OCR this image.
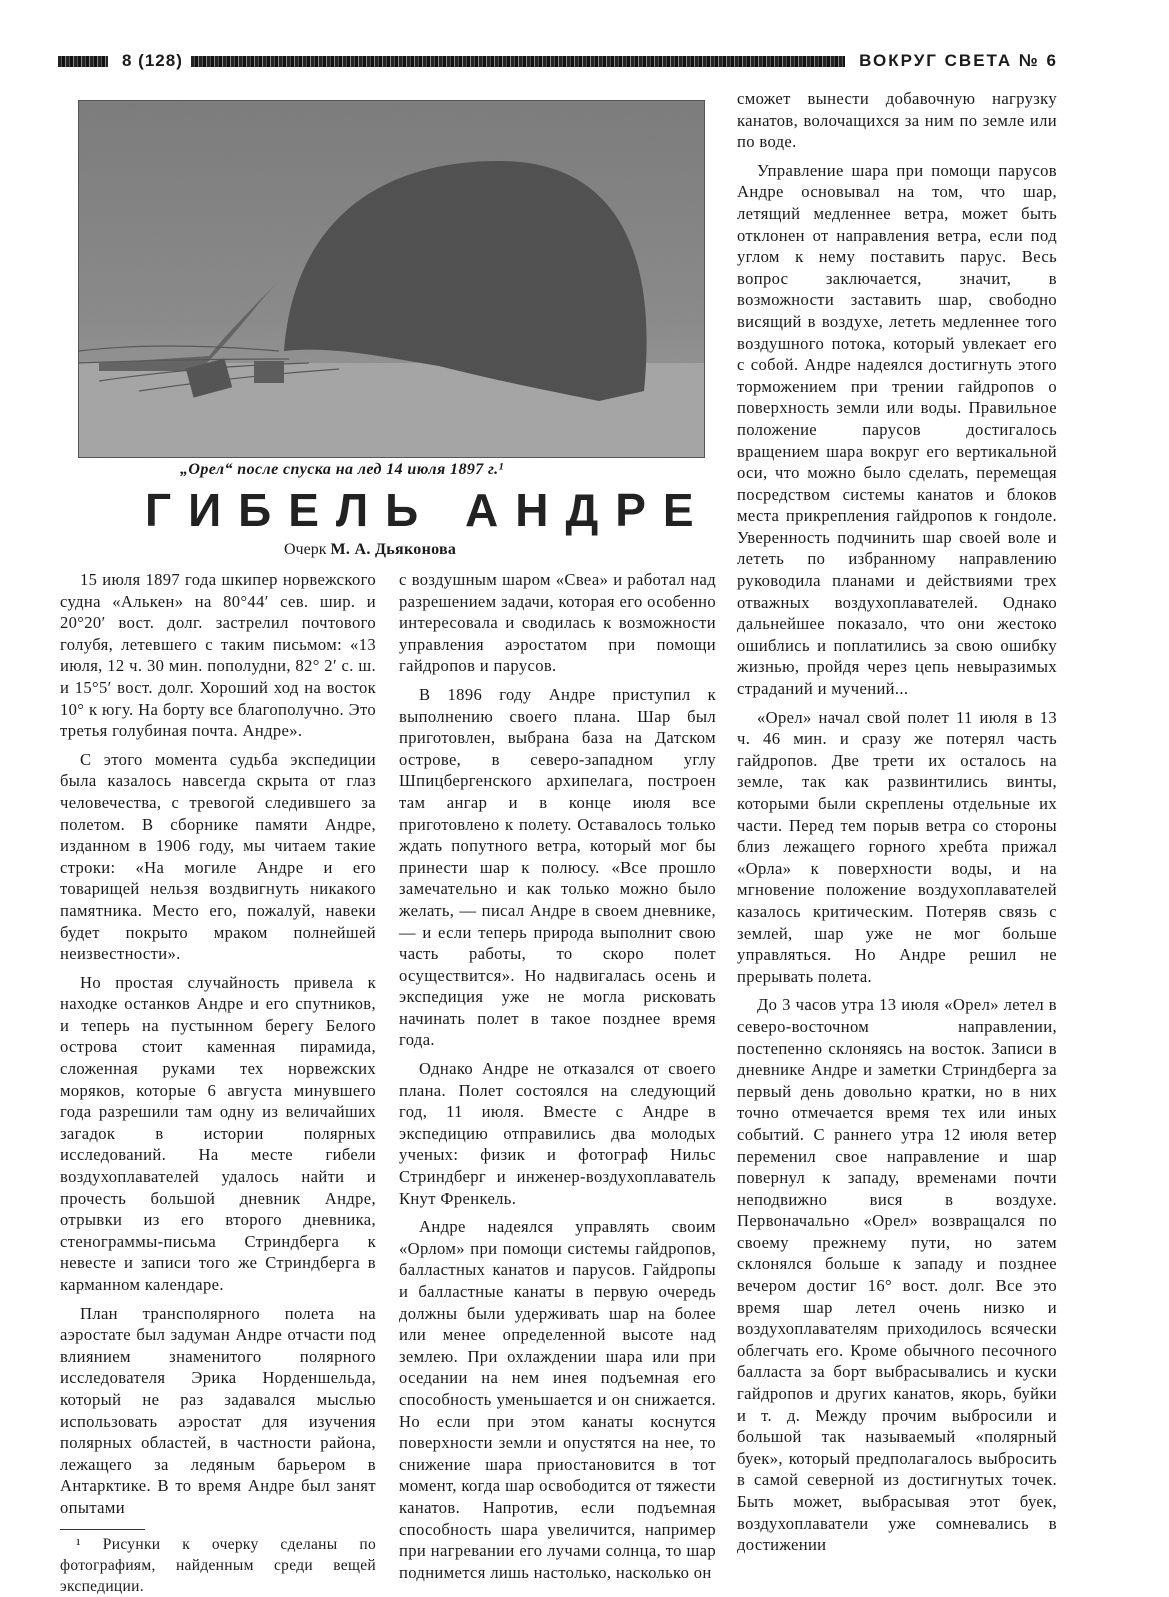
8 (128)	ВОКРУГ СВЕТА № 6
„Орел“ после спуска на лед 14 июля 1897 г.¹
ГИБЕЛЬ АНДРЕ
Очерк М. А. Дьяконова

15 июля 1897 года шкипер норвежского судна «Алькен» на 80°44′ сев. шир. и 20°20′ вост. долг. застрелил почтового голубя, летевшего с таким письмом: «13 июля, 12 ч. 30 мин. пополудни, 82° 2′ с. ш. и 15°5′ вост. долг. Хороший ход на восток 10° к югу. На борту все благополучно. Это третья голубиная почта. Андре».

С этого момента судьба экспедиции была казалось навсегда скрыта от глаз человечества, с тревогой следившего за полетом. В сборнике памяти Андре, изданном в 1906 году, мы читаем такие строки: «На могиле Андре и его товарищей нельзя воздвигнуть никакого памятника. Место его, пожалуй, навеки будет покрыто мраком полнейшей неизвестности».

Но простая случайность привела к находке останков Андре и его спутников, и теперь на пустынном берегу Белого острова стоит каменная пирамида, сложенная руками тех норвежских моряков, которые 6 августа минувшего года разрешили там одну из величайших загадок в истории полярных исследований. На месте гибели воздухоплавателей удалось найти и прочесть большой дневник Андре, отрывки из его второго дневника, стенограммы-письма Стриндберга к невесте и записи того же Стриндберга в карманном календаре.

План трансполярного полета на аэростате был задуман Андре отчасти под влиянием знаменитого полярного исследователя Эрика Норденшельда, который не раз задавался мыслью использовать аэростат для изучения полярных областей, в частности района, лежащего за ледяным барьером в Антарктике. В то время Андре был занят опытами

¹ Рисунки к очерку сделаны по фотографиям, найденным среди вещей экспедиции.

с воздушным шаром «Свеа» и работал над разрешением задачи, которая его особенно интересовала и сводилась к возможности управления аэростатом при помощи гайдропов и парусов.

В 1896 году Андре приступил к выполнению своего плана. Шар был приготовлен, выбрана база на Датском острове, в северо-западном углу Шпицбергенского архипелага, построен там ангар и в конце июля все приготовлено к полету. Оставалось только ждать попутного ветра, который мог бы принести шар к полюсу. «Все прошло замечательно и как только можно было желать, — писал Андре в своем дневнике, — и если теперь природа выполнит свою часть работы, то скоро полет осуществится». Но надвигалась осень и экспедиция уже не могла рисковать начинать полет в такое позднее время года.

Однако Андре не отказался от своего плана. Полет состоялся на следующий год, 11 июля. Вместе с Андре в экспедицию отправились два молодых ученых: физик и фотограф Нильс Стриндберг и инженер-воздухоплаватель Кнут Френкель.

Андре надеялся управлять своим «Орлом» при помощи системы гайдропов, балластных канатов и парусов. Гайдропы и балластные канаты в первую очередь должны были удерживать шар на более или менее определенной высоте над землею. При охлаждении шара или при оседании на нем инея подъемная его способность уменьшается и он снижается. Но если при этом канаты коснутся поверхности земли и опустятся на нее, то снижение шара приостановится в тот момент, когда шар освободится от тяжести канатов. Напротив, если подъемная способность шара увеличится, например при нагревании его лучами солнца, то шар поднимется лишь настолько, насколько он

сможет вынести добавочную нагрузку канатов, волочащихся за ним по земле или по воде.

Управление шара при помощи парусов Андре основывал на том, что шар, летящий медленнее ветра, может быть отклонен от направления ветра, если под углом к нему поставить парус. Весь вопрос заключается, значит, в возможности заставить шар, свободно висящий в воздухе, лететь медленнее того воздушного потока, который увлекает его с собой. Андре надеялся достигнуть этого торможением при трении гайдропов о поверхность земли или воды. Правильное положение парусов достигалось вращением шара вокруг его вертикальной оси, что можно было сделать, перемещая посредством системы канатов и блоков места прикрепления гайдропов к гондоле. Уверенность подчинить шар своей воле и лететь по избранному направлению руководила планами и действиями трех отважных воздухоплавателей. Однако дальнейшее показало, что они жестоко ошиблись и поплатились за свою ошибку жизнью, пройдя через цепь невыразимых страданий и мучений...

«Орел» начал свой полет 11 июля в 13 ч. 46 мин. и сразу же потерял часть гайдропов. Две трети их осталось на земле, так как развинтились винты, которыми были скреплены отдельные их части. Перед тем порыв ветра со стороны близ лежащего горного хребта прижал «Орла» к поверхности воды, и на мгновение положение воздухоплавателей казалось критическим. Потеряв связь с землей, шар уже не мог больше управляться. Но Андре решил не прерывать полета.

До 3 часов утра 13 июля «Орел» летел в северо-восточном направлении, постепенно склоняясь на восток. Записи в дневнике Андре и заметки Стриндберга за первый день довольно кратки, но в них точно отмечается время тех или иных событий. С раннего утра 12 июля ветер переменил свое направление и шар повернул к западу, временами почти неподвижно вися в воздухе. Первоначально «Орел» возвращался по своему прежнему пути, но затем склонялся больше к западу и позднее вечером достиг 16° вост. долг. Все это время шар летел очень низко и воздухоплавателям приходилось всячески облегчать его. Кроме обычного песочного балласта за борт выбрасывались и куски гайдропов и других канатов, якорь, буйки и т. д. Между прочим выбросили и большой так называемый «полярный буек», который предполагалось выбросить в самой северной из достигнутых точек. Быть может, выбрасывая этот буек, воздухоплаватели уже сомневались в достижении
